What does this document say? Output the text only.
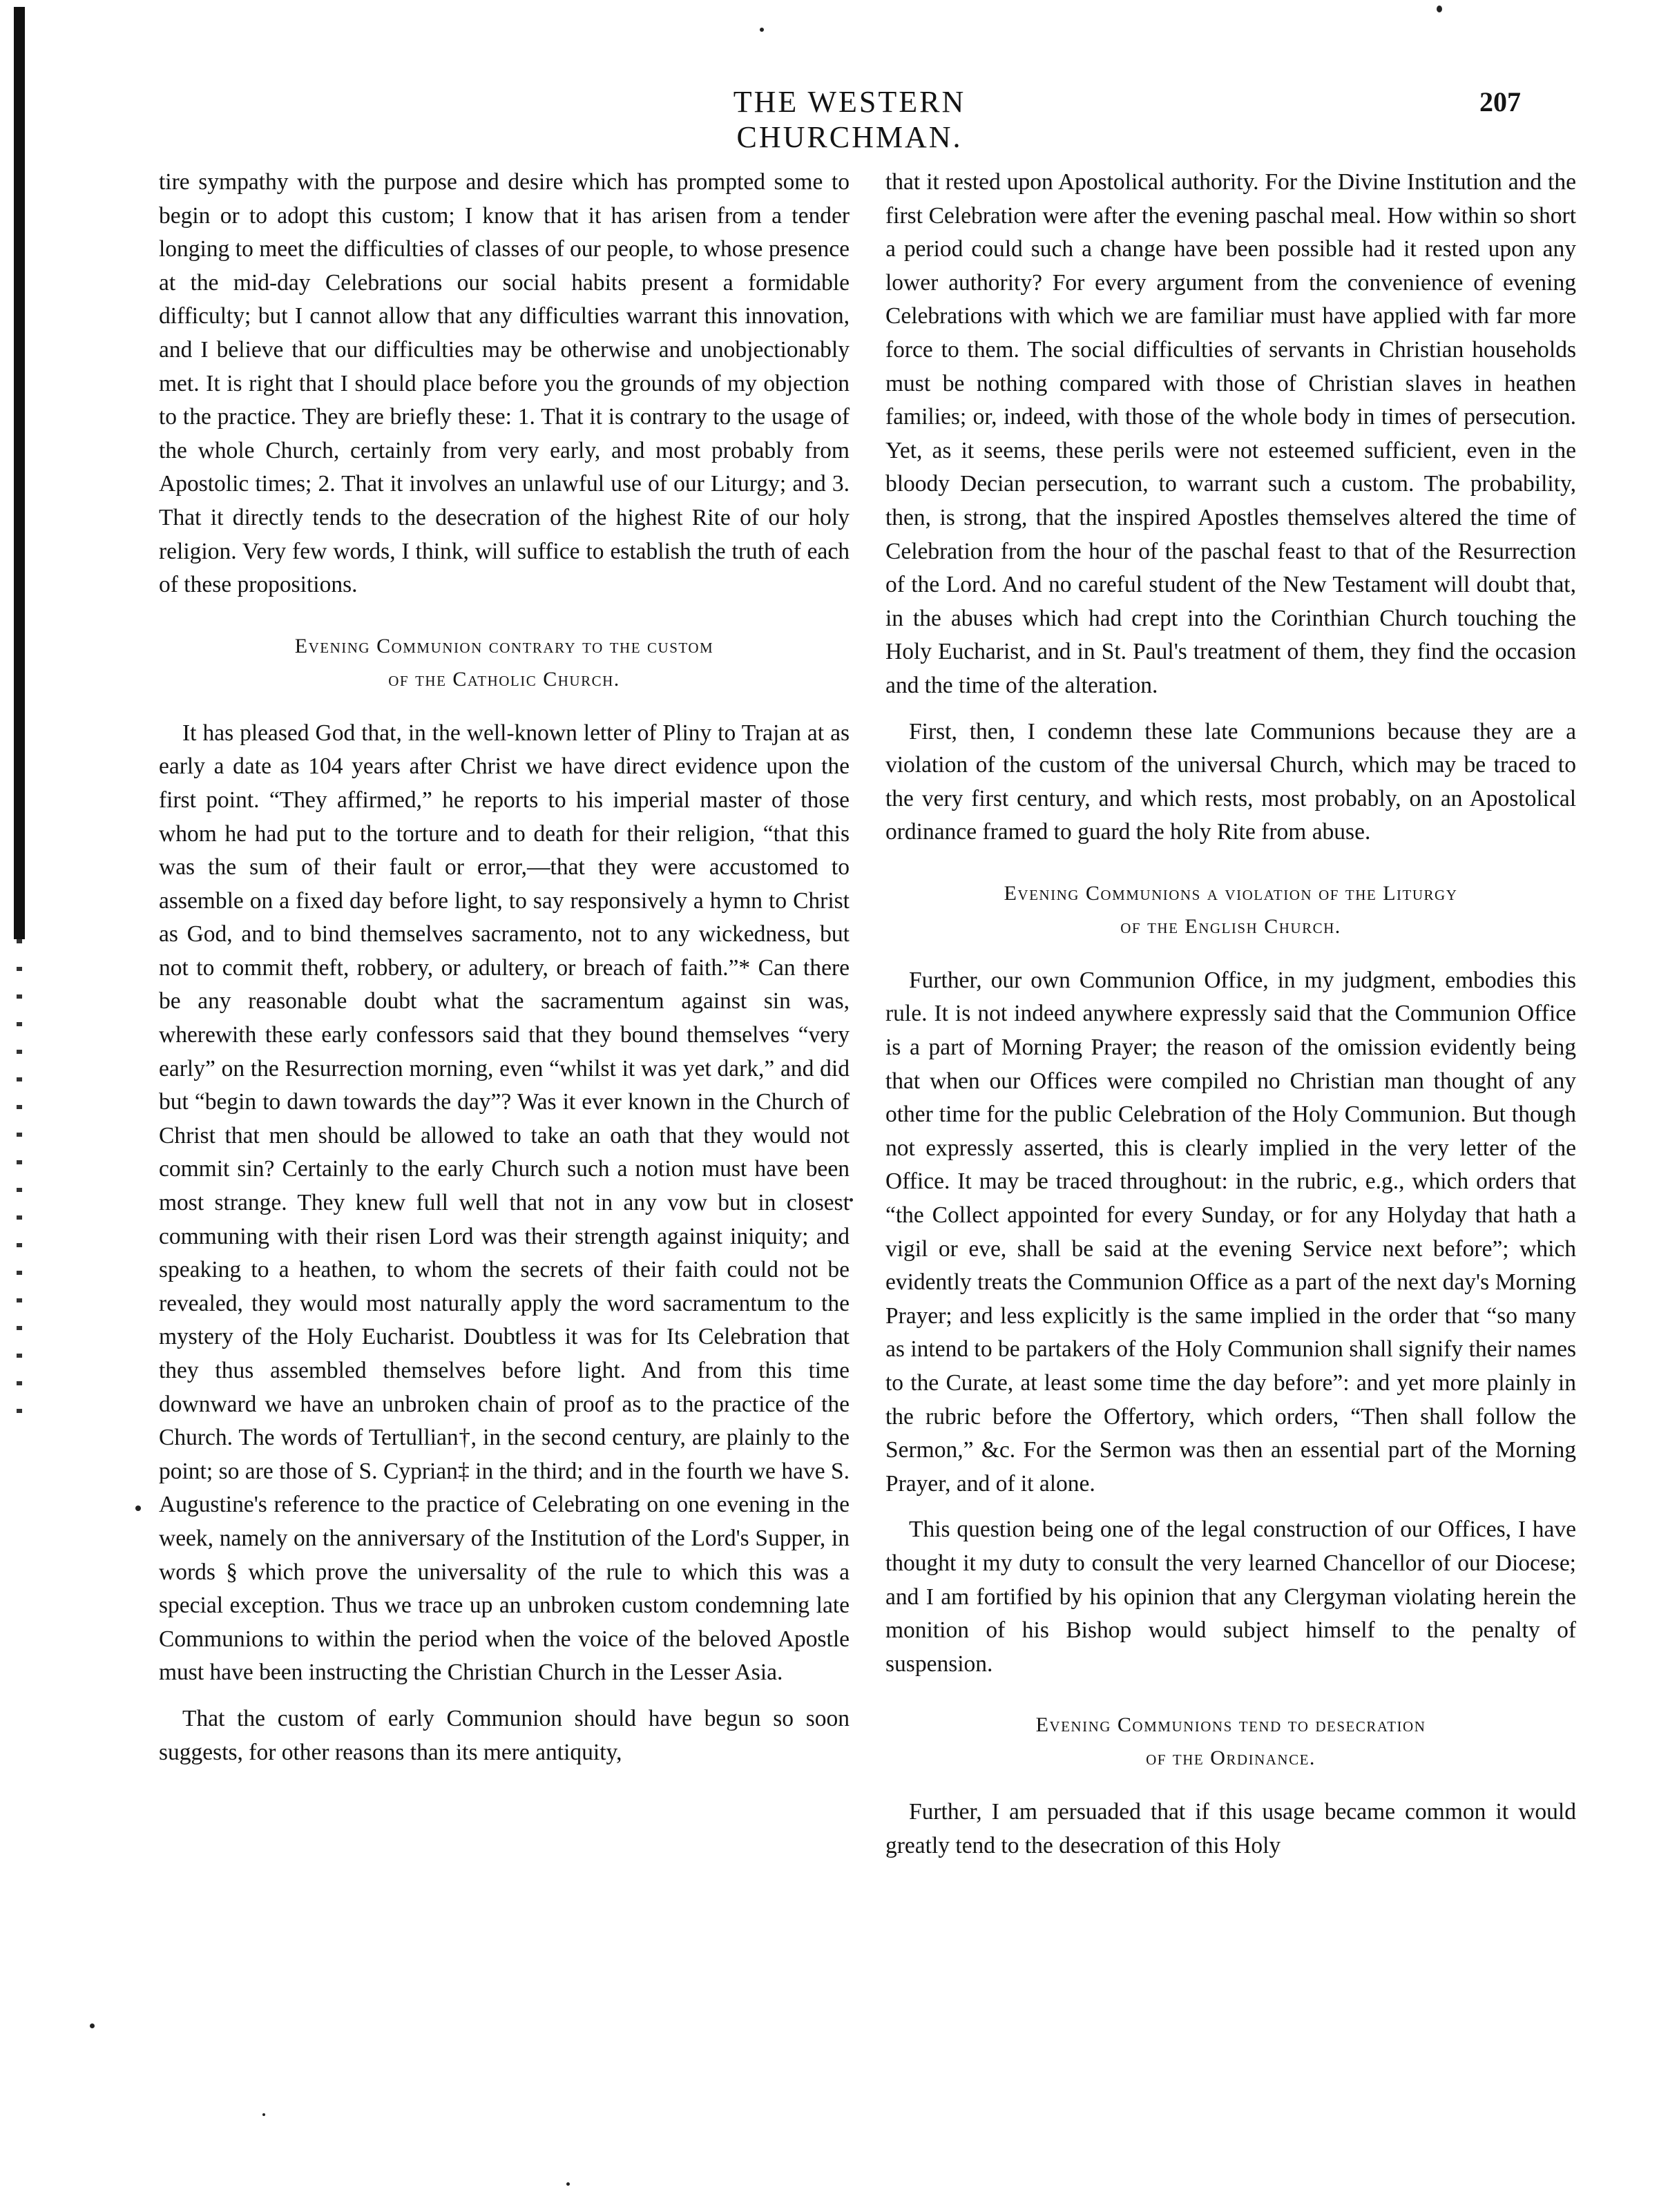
THE WESTERN CHURCHMAN.
207

tire sympathy with the purpose and desire which has prompted some to begin or to adopt this custom; I know that it has arisen from a tender longing to meet the difficulties of classes of our people, to whose presence at the mid-day Celebrations our social habits present a formidable difficulty; but I cannot allow that any difficulties warrant this innovation, and I believe that our difficulties may be otherwise and unobjectionably met. It is right that I should place before you the grounds of my objection to the practice. They are briefly these: 1. That it is contrary to the usage of the whole Church, certainly from very early, and most probably from Apostolic times; 2. That it involves an unlawful use of our Liturgy; and 3. That it directly tends to the desecration of the highest Rite of our holy religion. Very few words, I think, will suffice to establish the truth of each of these propositions.

Evening Communion contrary to the custom
of the Catholic Church.

It has pleased God that, in the well-known letter of Pliny to Trajan at as early a date as 104 years after Christ we have direct evidence upon the first point. “They affirmed,” he reports to his imperial master of those whom he had put to the torture and to death for their religion, “that this was the sum of their fault or error,—that they were accustomed to assemble on a fixed day before light, to say responsively a hymn to Christ as God, and to bind themselves sacramento, not to any wickedness, but not to commit theft, robbery, or adultery, or breach of faith.”* Can there be any reasonable doubt what the sacramentum against sin was, wherewith these early confessors said that they bound themselves “very early” on the Resurrection morning, even “whilst it was yet dark,” and did but “begin to dawn towards the day”? Was it ever known in the Church of Christ that men should be allowed to take an oath that they would not commit sin? Certainly to the early Church such a notion must have been most strange. They knew full well that not in any vow but in closest communing with their risen Lord was their strength against iniquity; and speaking to a heathen, to whom the secrets of their faith could not be revealed, they would most naturally apply the word sacramentum to the mystery of the Holy Eucharist. Doubtless it was for Its Celebration that they thus assembled themselves before light. And from this time downward we have an unbroken chain of proof as to the practice of the Church. The words of Tertullian†, in the second century, are plainly to the point; so are those of S. Cyprian‡ in the third; and in the fourth we have S. Augustine's reference to the practice of Celebrating on one evening in the week, namely on the anniversary of the Institution of the Lord's Supper, in words § which prove the universality of the rule to which this was a special exception. Thus we trace up an unbroken custom condemning late Communions to within the period when the voice of the beloved Apostle must have been instructing the Christian Church in the Lesser Asia.

That the custom of early Communion should have begun so soon suggests, for other reasons than its mere antiquity,

that it rested upon Apostolical authority. For the Divine Institution and the first Celebration were after the evening paschal meal. How within so short a period could such a change have been possible had it rested upon any lower authority? For every argument from the convenience of evening Celebrations with which we are familiar must have applied with far more force to them. The social difficulties of servants in Christian households must be nothing compared with those of Christian slaves in heathen families; or, indeed, with those of the whole body in times of persecution. Yet, as it seems, these perils were not esteemed sufficient, even in the bloody Decian persecution, to warrant such a custom. The probability, then, is strong, that the inspired Apostles themselves altered the time of Celebration from the hour of the paschal feast to that of the Resurrection of the Lord. And no careful student of the New Testament will doubt that, in the abuses which had crept into the Corinthian Church touching the Holy Eucharist, and in St. Paul's treatment of them, they find the occasion and the time of the alteration.

First, then, I condemn these late Communions because they are a violation of the custom of the universal Church, which may be traced to the very first century, and which rests, most probably, on an Apostolical ordinance framed to guard the holy Rite from abuse.

Evening Communions a violation of the Liturgy
of the English Church.

Further, our own Communion Office, in my judgment, embodies this rule. It is not indeed anywhere expressly said that the Communion Office is a part of Morning Prayer; the reason of the omission evidently being that when our Offices were compiled no Christian man thought of any other time for the public Celebration of the Holy Communion. But though not expressly asserted, this is clearly implied in the very letter of the Office. It may be traced throughout: in the rubric, e.g., which orders that “the Collect appointed for every Sunday, or for any Holyday that hath a vigil or eve, shall be said at the evening Service next before”; which evidently treats the Communion Office as a part of the next day's Morning Prayer; and less explicitly is the same implied in the order that “so many as intend to be partakers of the Holy Communion shall signify their names to the Curate, at least some time the day before”: and yet more plainly in the rubric before the Offertory, which orders, “Then shall follow the Sermon,” &c. For the Sermon was then an essential part of the Morning Prayer, and of it alone.

This question being one of the legal construction of our Offices, I have thought it my duty to consult the very learned Chancellor of our Diocese; and I am fortified by his opinion that any Clergyman violating herein the monition of his Bishop would subject himself to the penalty of suspension.

Evening Communions tend to desecration
of the Ordinance.

Further, I am persuaded that if this usage became common it would greatly tend to the desecration of this Holy
